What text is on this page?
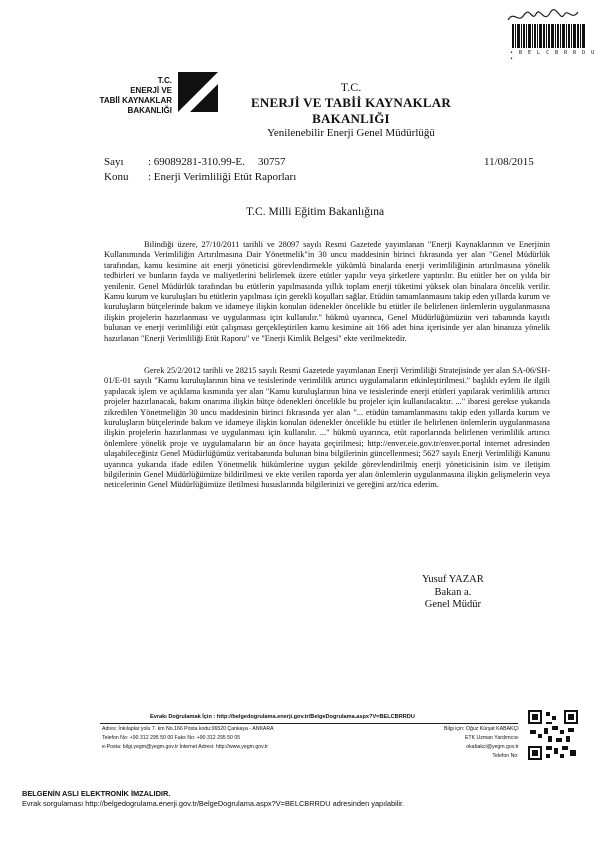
• B E L C B R R D U •
T.C.
ENERJİ VE
TABİİ KAYNAKLAR
BAKANLIĞI
T.C.
ENERJİ VE TABİİ KAYNAKLAR BAKANLIĞI
Yenilenebilir Enerji Genel Müdürlüğü
Sayı
Konu
: 69089281-310.99-E.
: Enerji Verimliliği Etüt Raporları
30757	11/08/2015
T.C. Milli Eğitim Bakanlığına
Bilindiği üzere, 27/10/2011 tarihli ve 28097 sayılı Resmi Gazetede yayımlanan "Enerji Kaynaklarının ve Enerjinin Kullanımında Verimliliğin Artırılmasına Dair Yönetmelik"in 30 uncu maddesinin birinci fıkrasında yer alan "Genel Müdürlük tarafından, kamu kesimine ait enerji yöneticisi görevlendirmekle yükümlü binalarda enerji verimliliğinin artırılmasına yönelik tedbirleri ve bunların fayda ve maliyetlerini belirlemek üzere etütler yapılır veya şirketlere yaptırılır. Bu etütler her on yılda bir yenilenir. Genel Müdürlük tarafından bu etütlerin yapılmasında yıllık toplam enerji tüketimi yüksek olan binalara öncelik verilir. Kamu kurum ve kuruluşları bu etütlerin yapılması için gerekli koşulları sağlar. Etüdün tamamlanmasını takip eden yıllarda kurum ve kuruluşların bütçelerinde bakım ve idameye ilişkin konulan ödenekler öncelikle bu etütler ile belirlenen önlemlerin uygulanmasına ilişkin projelerin hazırlanması ve uygulanması için kullanılır." hükmü uyarınca, Genel Müdürlüğümüzün veri tabanında kayıtlı bulunan ve enerji verimliliği etüt çalışması gerçekleştirilen kamu kesimine ait 166 adet bina içerisinde yer alan binanıza yönelik hazırlanan "Enerji Verimliliği Etüt Raporu" ve "Enerji Kimlik Belgesi" ekte verilmektedir.
Gerek 25/2/2012 tarihli ve 28215 sayılı Resmi Gazetede yayımlanan Enerji Verimliliği Stratejisinde yer alan SA-06/SH-01/E-01 sayılı "Kamu kuruluşlarının bina ve tesislerinde verimlilik artırıcı uygulamaların etkinleştirilmesi." başlıklı eylem ile ilgili yapılacak işlem ve açıklama kısmında yer alan "Kamu kuruluşlarının bina ve tesislerinde enerji etütleri yapılarak verimlilik artırıcı projeler hazırlanacak, bakım onarıma ilişkin bütçe ödenekleri öncelikle bu projeler için kullanılacaktır. ..." ibaresi gerekse yukarıda zikredilen Yönetmeliğin 30 uncu maddesinin birinci fıkrasında yer alan "... etüdün tamamlanmasını takip eden yıllarda kurum ve kuruluşların bütçelerinde bakım ve idameye ilişkin konulan ödenekler öncelikle bu etütler ile belirlenen önlemlerin uygulanmasına ilişkin projelerin hazırlanması ve uygulanması için kullanılır. ..." hükmü uyarınca, etüt raporlarında belirlenen verimlilik artırıcı önlemlere yönelik proje ve uygulamaların bir an önce hayata geçirilmesi; http://enver.eie.gov.tr/enver.portal internet adresinden ulaşabileceğiniz Genel Müdürlüğümüz veritabanında bulunan bina bilgilerinin güncellenmesi; 5627 sayılı Enerji Verimliliği Kanunu uyarınca yukarıda ifade edilen Yönetmelik hükümlerine uygun şekilde görevlendirilmiş enerji yöneticisinin isim ve iletişim bilgilerinin Genel Müdürlüğümüze bildirilmesi ve ekte verilen raporda yer alan önlemlerin uygulanmasına ilişkin gelişmelerin veya neticelerinin Genel Müdürlüğümüze iletilmesi hususlarında bilgilerinizi ve gereğini arz/rica ederim.
Yusuf YAZAR
Bakan a.
Genel Müdür
Evrakı Doğrulamak İçin : http://belgedogrulama.enerji.gov.tr/BelgeDogrulama.aspx?V=BELCBRRDU
Adres: İnkılaplar yolu 7. km No.166 Posta kodu:06520 Çankaya - ANKARA
Telefon No: +90 312 295 50 00 Faks No: +90 312 295 50 05
e-Posta: bilgi.yegm@yegm.gov.tr İnternet Adresi: http://www.yegm.gov.tr
Bilgi için: Oğuz Kürşat KABAKÇI
ETK Uzman Yardımcısı
okabakci@yegm.gov.tr
Telefon No:
BELGENİN ASLI ELEKTRONİK İMZALIDIR.
Evrak sorgulaması http://belgedogrulama.enerji.gov.tr/BelgeDogrulama.aspx?V=BELCBRRDU adresinden yapılabilir.
